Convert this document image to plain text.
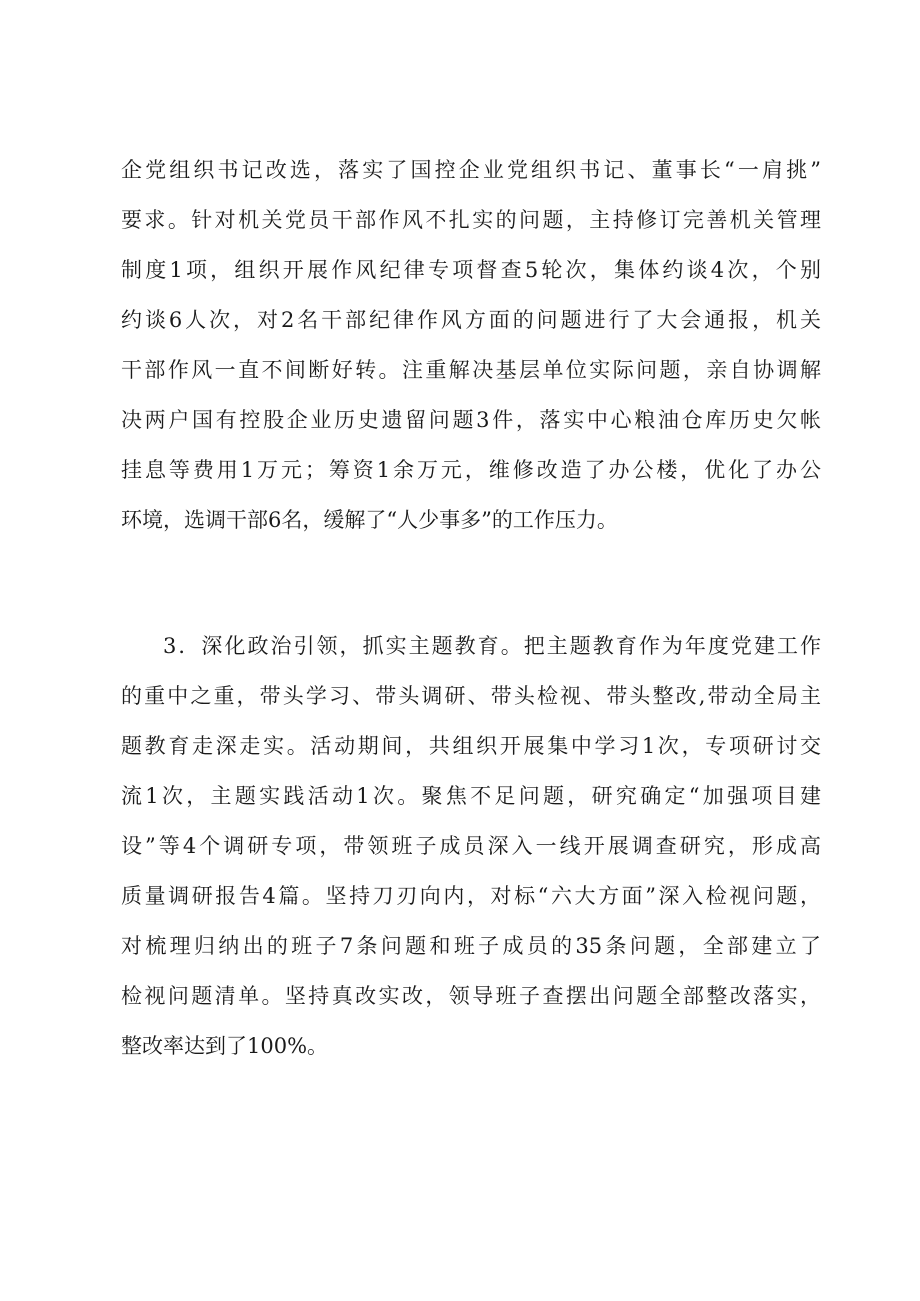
企党组织书记改选，落实了国控企业党组织书记、董事长“一肩挑”
要求。针对机关党员干部作风不扎实的问题，主持修订完善机关管理
制度1项，组织开展作风纪律专项督查5轮次，集体约谈4次，个别
约谈6人次，对2名干部纪律作风方面的问题进行了大会通报，机关
干部作风一直不间断好转。注重解决基层单位实际问题，亲自协调解
决两户国有控股企业历史遗留问题3件，落实中心粮油仓库历史欠帐
挂息等费用1万元；筹资1余万元，维修改造了办公楼，优化了办公
环境，选调干部6名，缓解了“人少事多”的工作压力。
3．深化政治引领，抓实主题教育。把主题教育作为年度党建工作
的重中之重，带头学习、带头调研、带头检视、带头整改,带动全局主
题教育走深走实。活动期间，共组织开展集中学习1次，专项研讨交
流1次，主题实践活动1次。聚焦不足问题，研究确定“加强项目建
设”等4个调研专项，带领班子成员深入一线开展调查研究，形成高
质量调研报告4篇。坚持刀刃向内，对标“六大方面”深入检视问题，
对梳理归纳出的班子7条问题和班子成员的35条问题，全部建立了
检视问题清单。坚持真改实改，领导班子查摆出问题全部整改落实，
整改率达到了100%。
